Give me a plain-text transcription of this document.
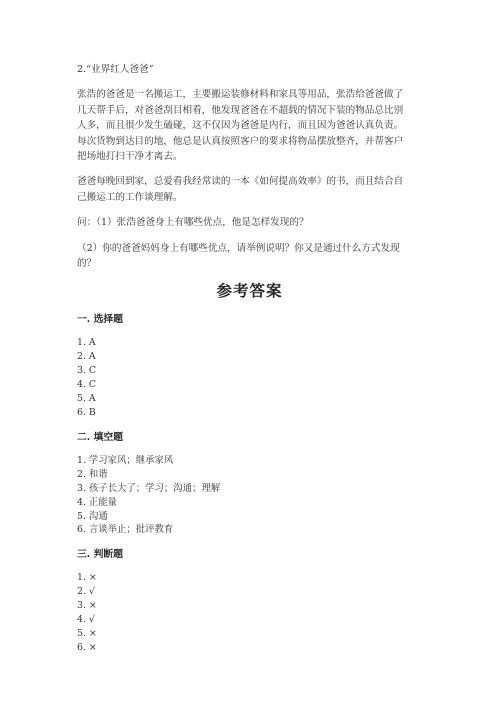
2.“业界红人爸爸”
张浩的爸爸是一名搬运工，主要搬运装修材料和家具等用品，张浩给爸爸做了
几天帮手后，对爸爸刮目相看，他发现爸爸在不超载的情况下装的物品总比别
人多，而且很少发生磕碰，这不仅因为爸爸是内行，而且因为爸爸认真负责。
每次货物到达目的地，他总是认真按照客户的要求将物品摆放整齐，并帮客户
把场地打扫干净才离去。
爸爸每晚回到家，总爱看我经常读的一本《如何提高效率》的书，而且结合自
己搬运工的工作谈理解。
问：（1）张浩爸爸身上有哪些优点，他是怎样发现的？
（2）你的爸爸妈妈身上有哪些优点，请举例说明？你又是通过什么方式发现
的？
参考答案
一. 选择题
1. A
2. A
3. C
4. C
5. A
6. B
二. 填空题
1. 学习家风；继承家风
2. 和谐
3. 孩子长大了；学习；沟通；理解
4. 正能量
5. 沟通
6. 言谈举止；批评教育
三. 判断题
1. ×
2. √
3. ×
4. √
5. ×
6. ×
